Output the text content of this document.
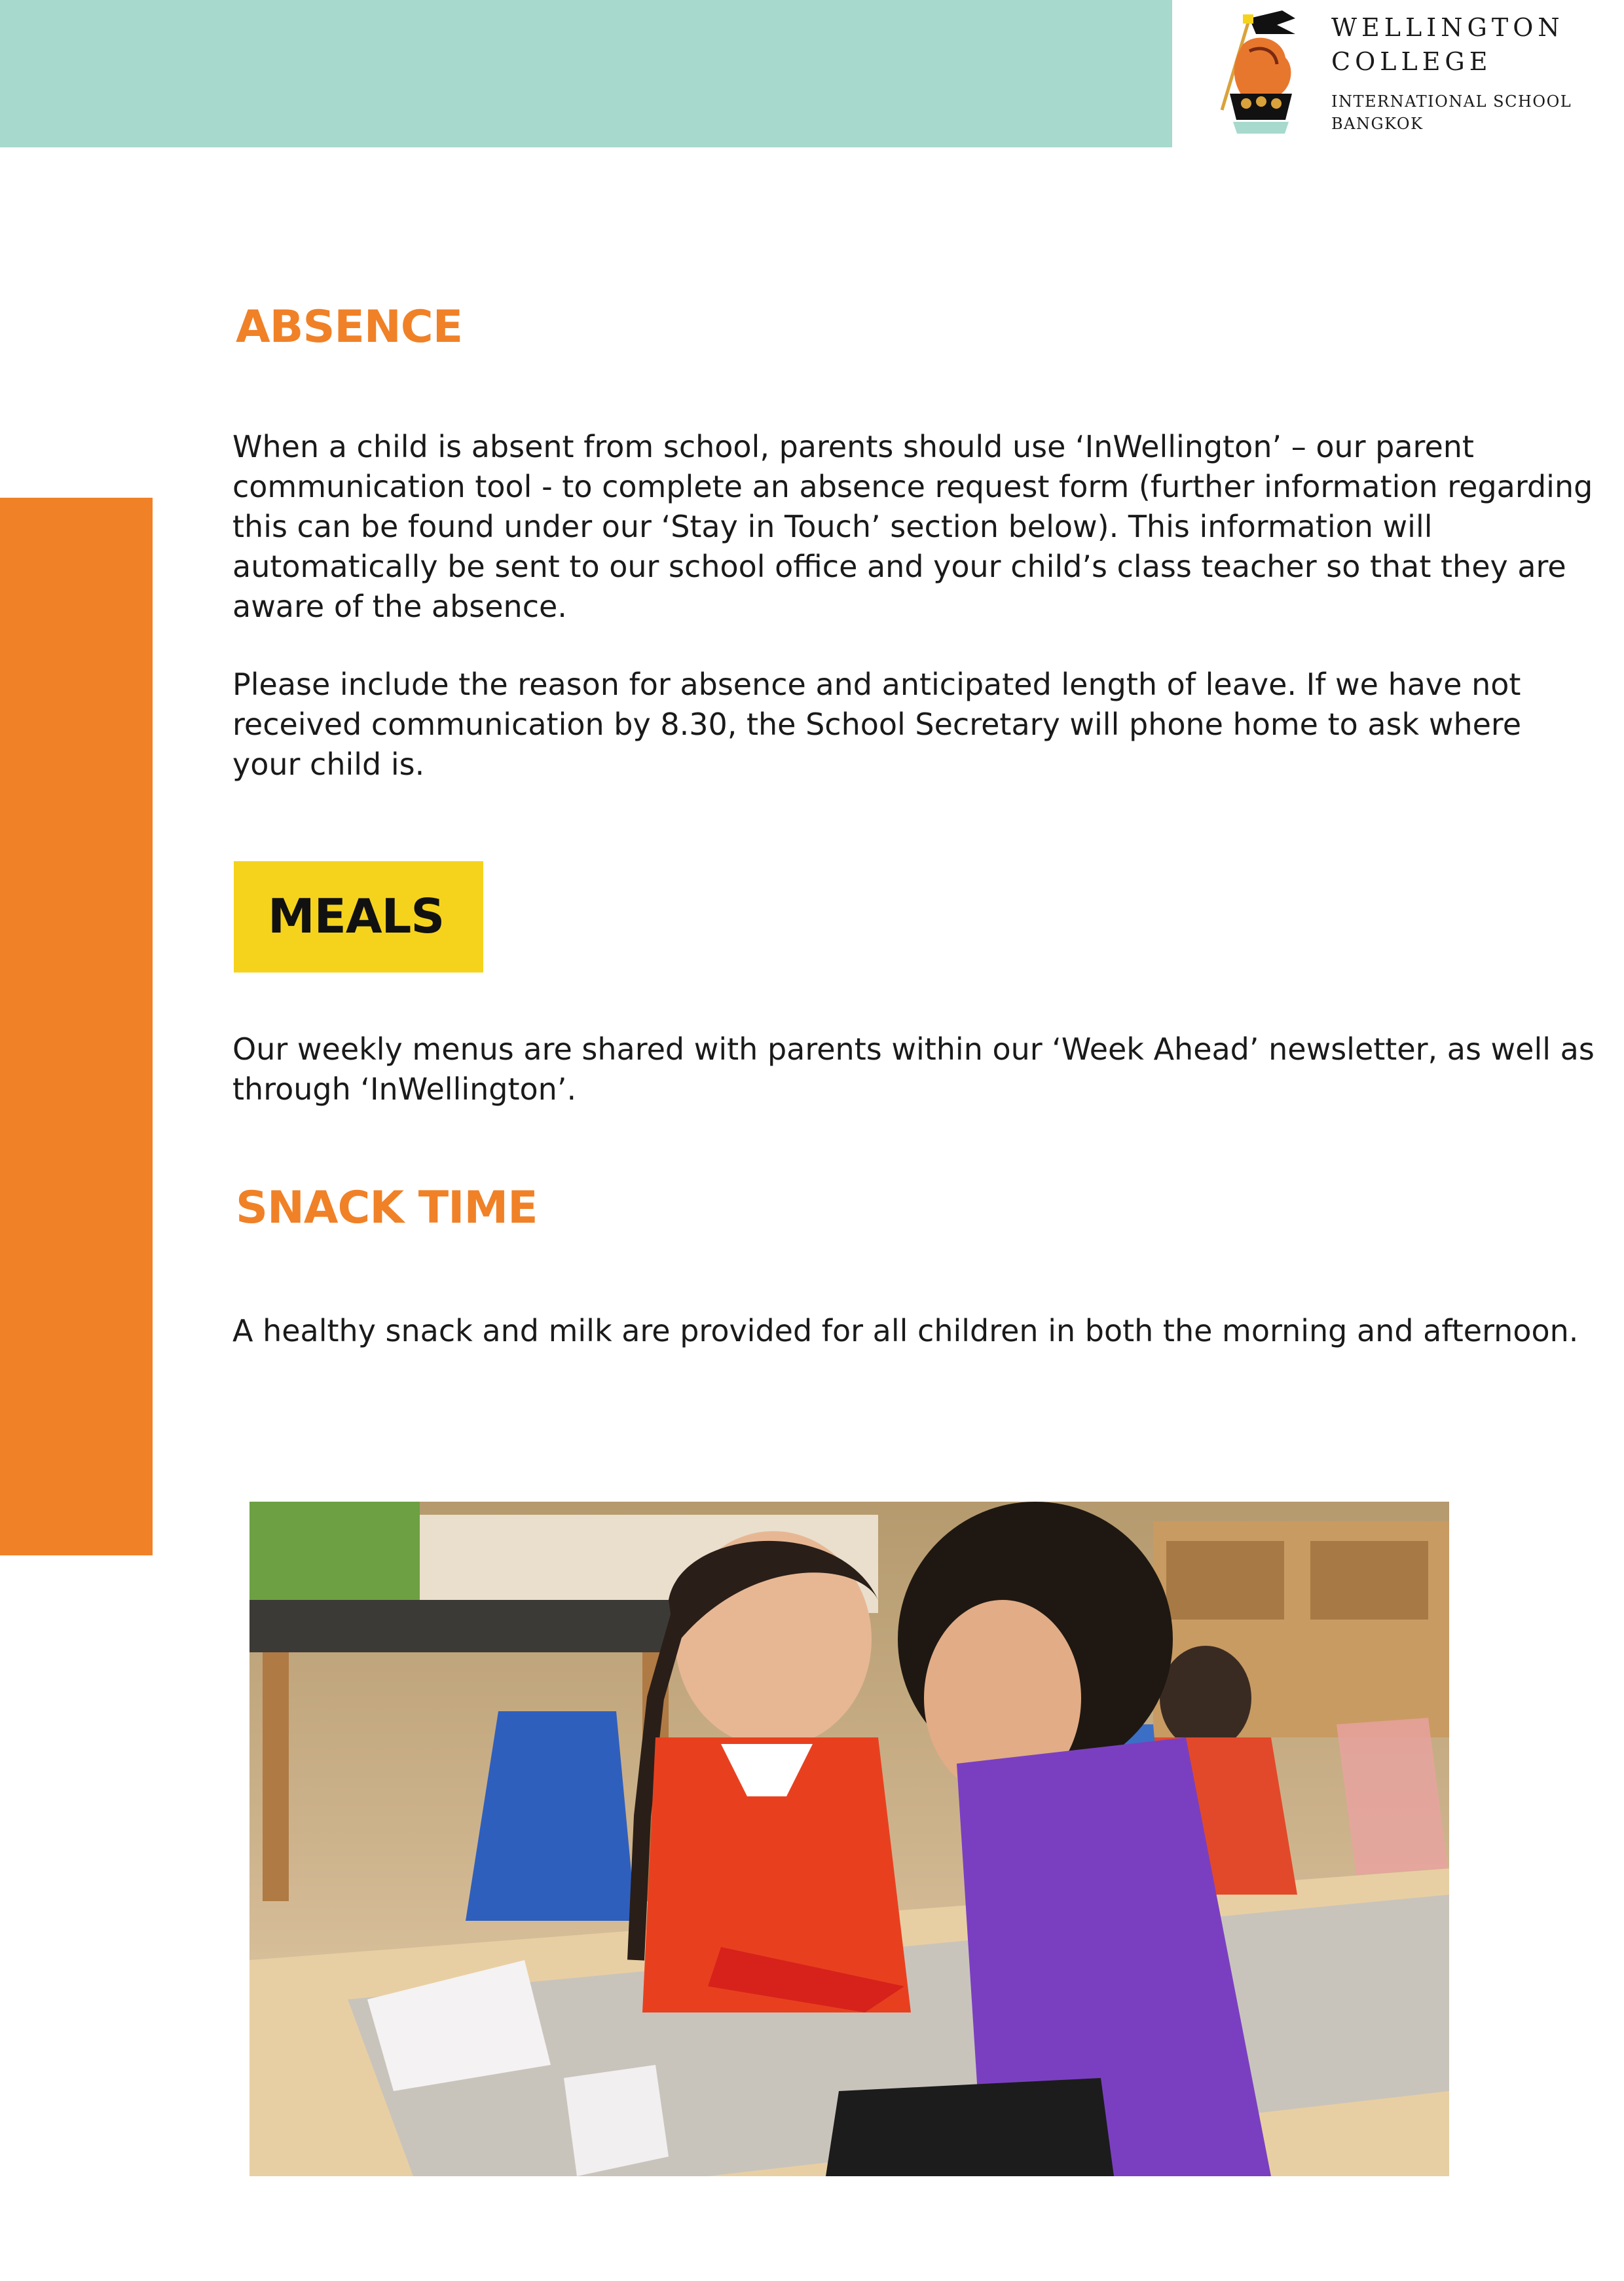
WELLINGTON
COLLEGE
INTERNATIONAL SCHOOL
BANGKOK
ABSENCE
When a child is absent from school, parents should use ‘InWellington’ – our parent communication tool - to complete an absence request form (further information regarding this can be found under our ‘Stay in Touch’ section below). This information will automatically be sent to our school office and your child’s class teacher so that they are aware of the absence.
Please include the reason for absence and anticipated length of leave. If we have not received communication by 8.30, the School Secretary will phone home to ask where your child is.
MEALS
Our weekly menus are shared with parents within our ‘Week Ahead’ newsletter, as well as through ‘InWellington’.
SNACK TIME
A healthy snack and milk are provided for all children in both the morning and afternoon.
